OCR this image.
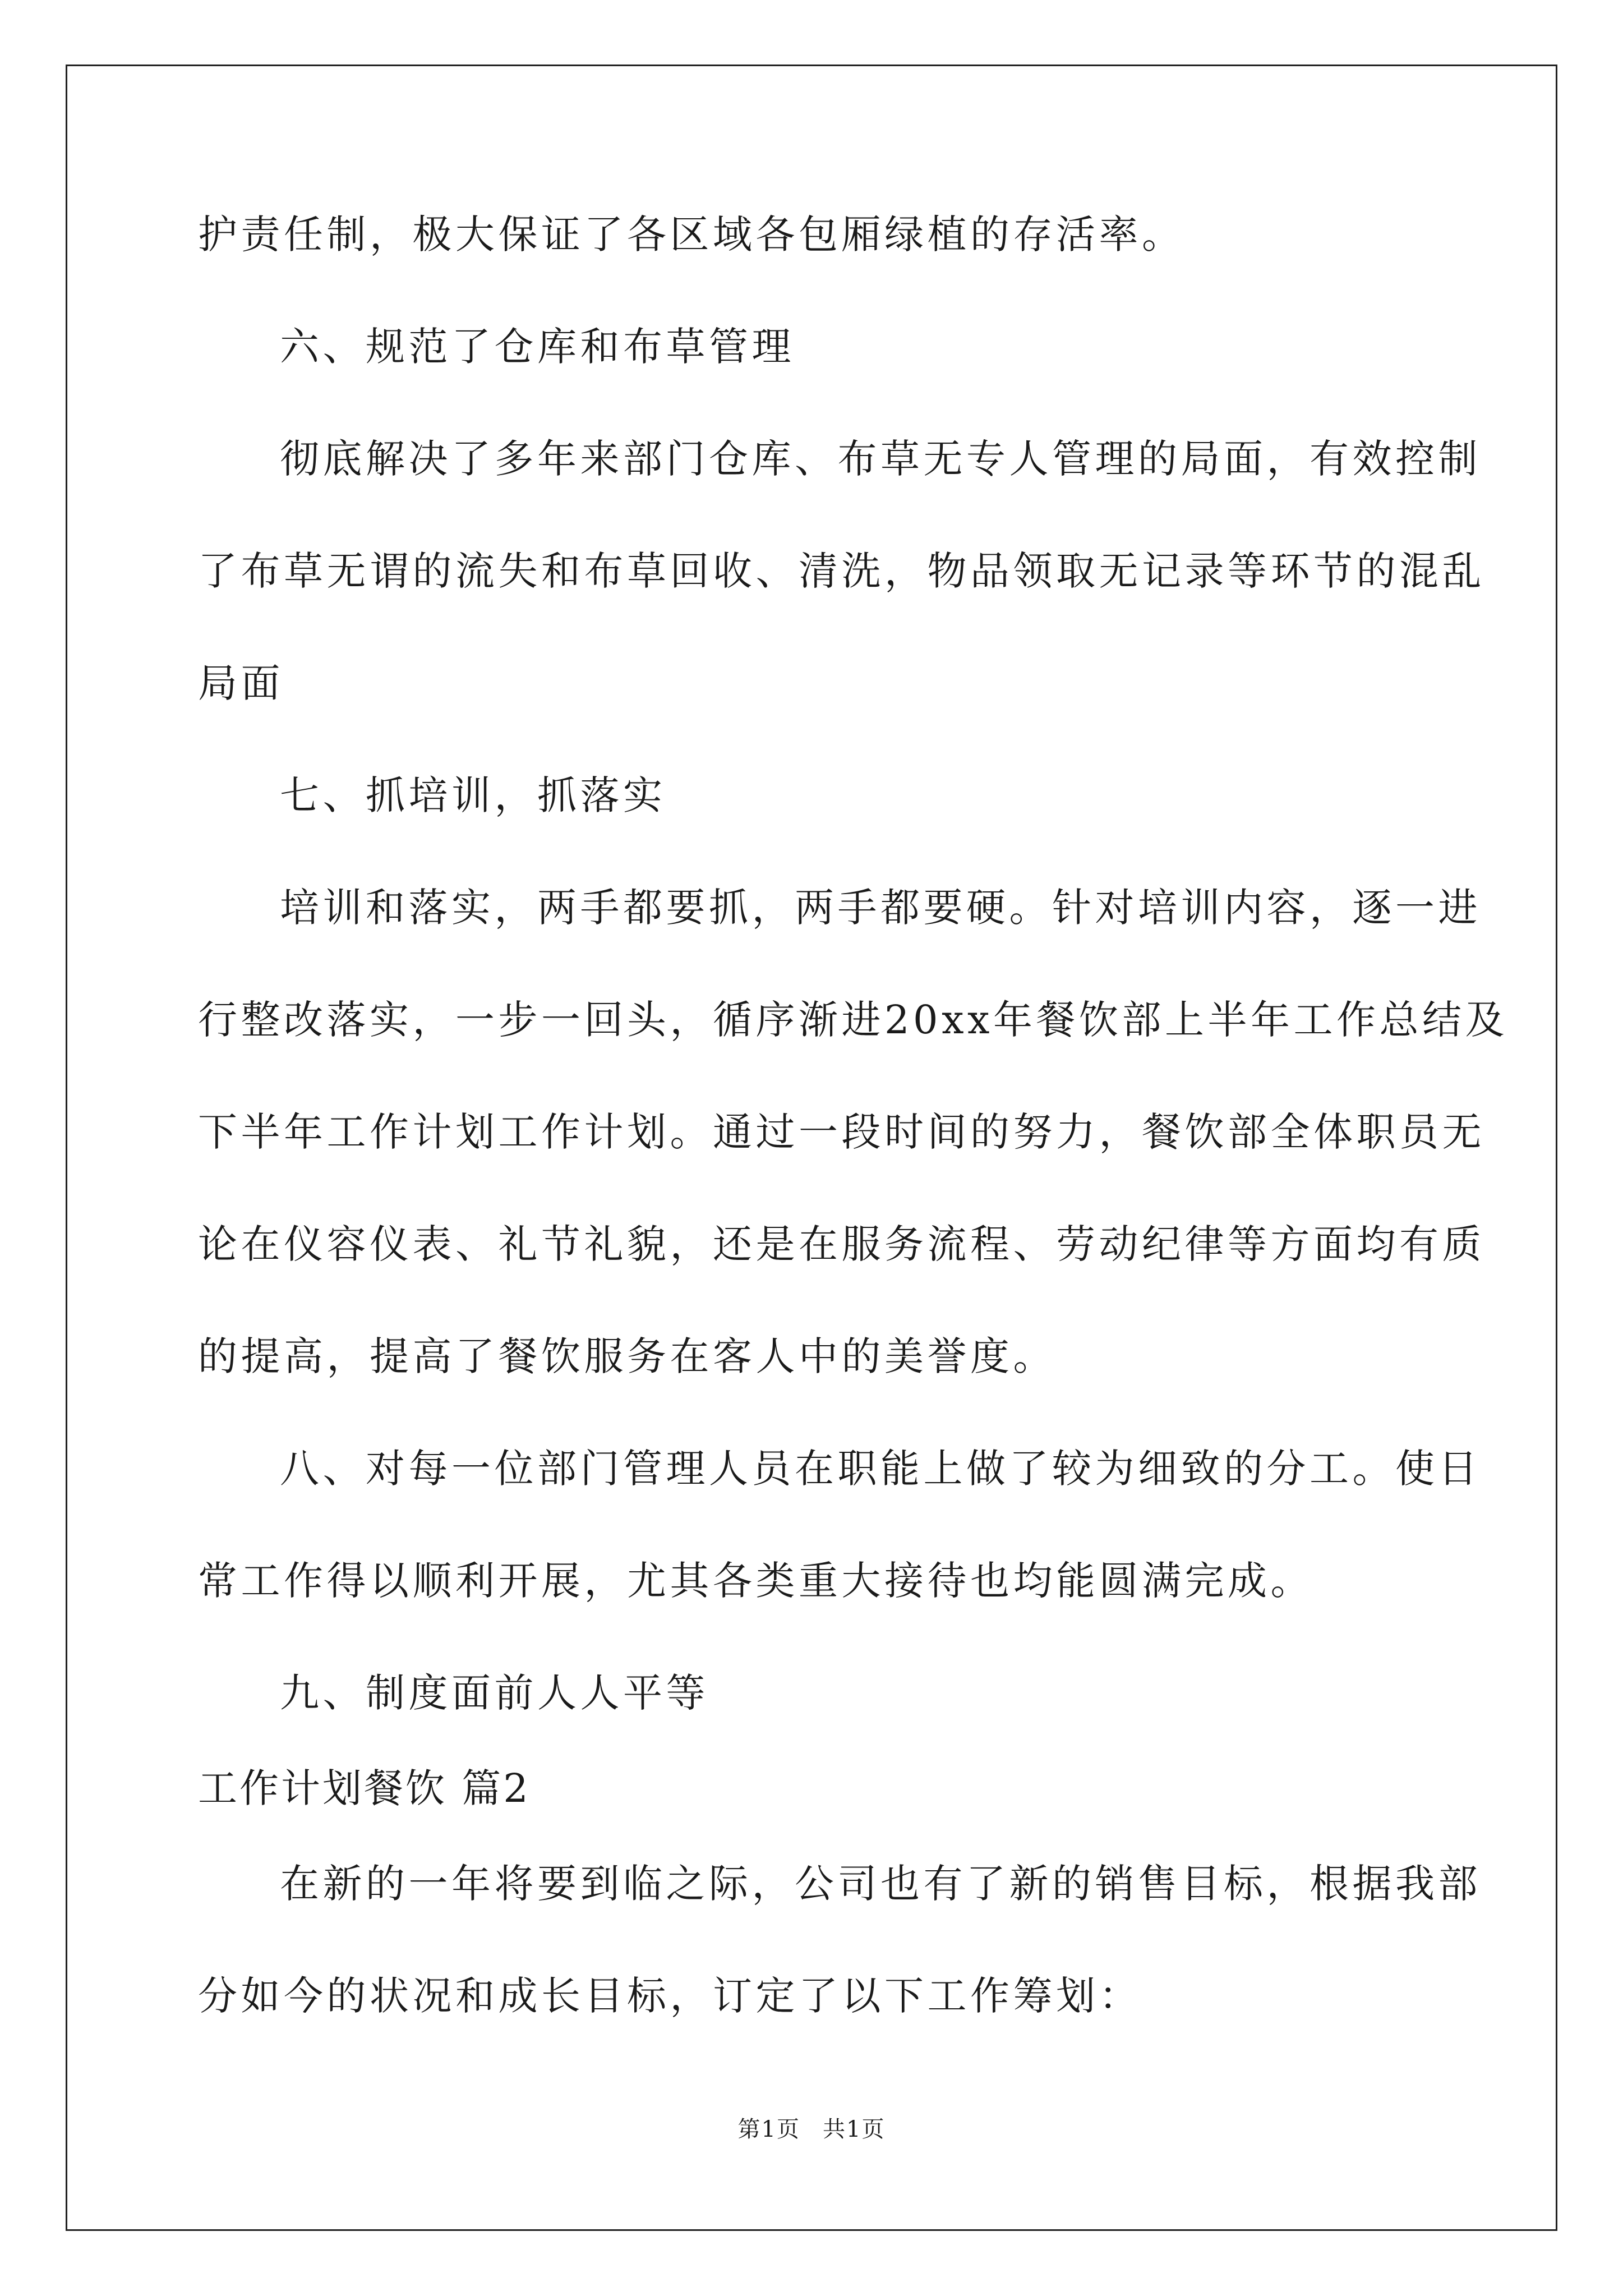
护责任制，极大保证了各区域各包厢绿植的存活率。
六、规范了仓库和布草管理
彻底解决了多年来部门仓库、布草无专人管理的局面，有效控制
了布草无谓的流失和布草回收、清洗，物品领取无记录等环节的混乱
局面
七、抓培训，抓落实
培训和落实，两手都要抓，两手都要硬。针对培训内容，逐一进
行整改落实，一步一回头，循序渐进20xx年餐饮部上半年工作总结及
下半年工作计划工作计划。通过一段时间的努力，餐饮部全体职员无
论在仪容仪表、礼节礼貌，还是在服务流程、劳动纪律等方面均有质
的提高，提高了餐饮服务在客人中的美誉度。
八、对每一位部门管理人员在职能上做了较为细致的分工。使日
常工作得以顺利开展，尤其各类重大接待也均能圆满完成。
九、制度面前人人平等
工作计划餐饮 篇2
在新的一年将要到临之际，公司也有了新的销售目标，根据我部
分如今的状况和成长目标，订定了以下工作筹划：
第1页 共1页
